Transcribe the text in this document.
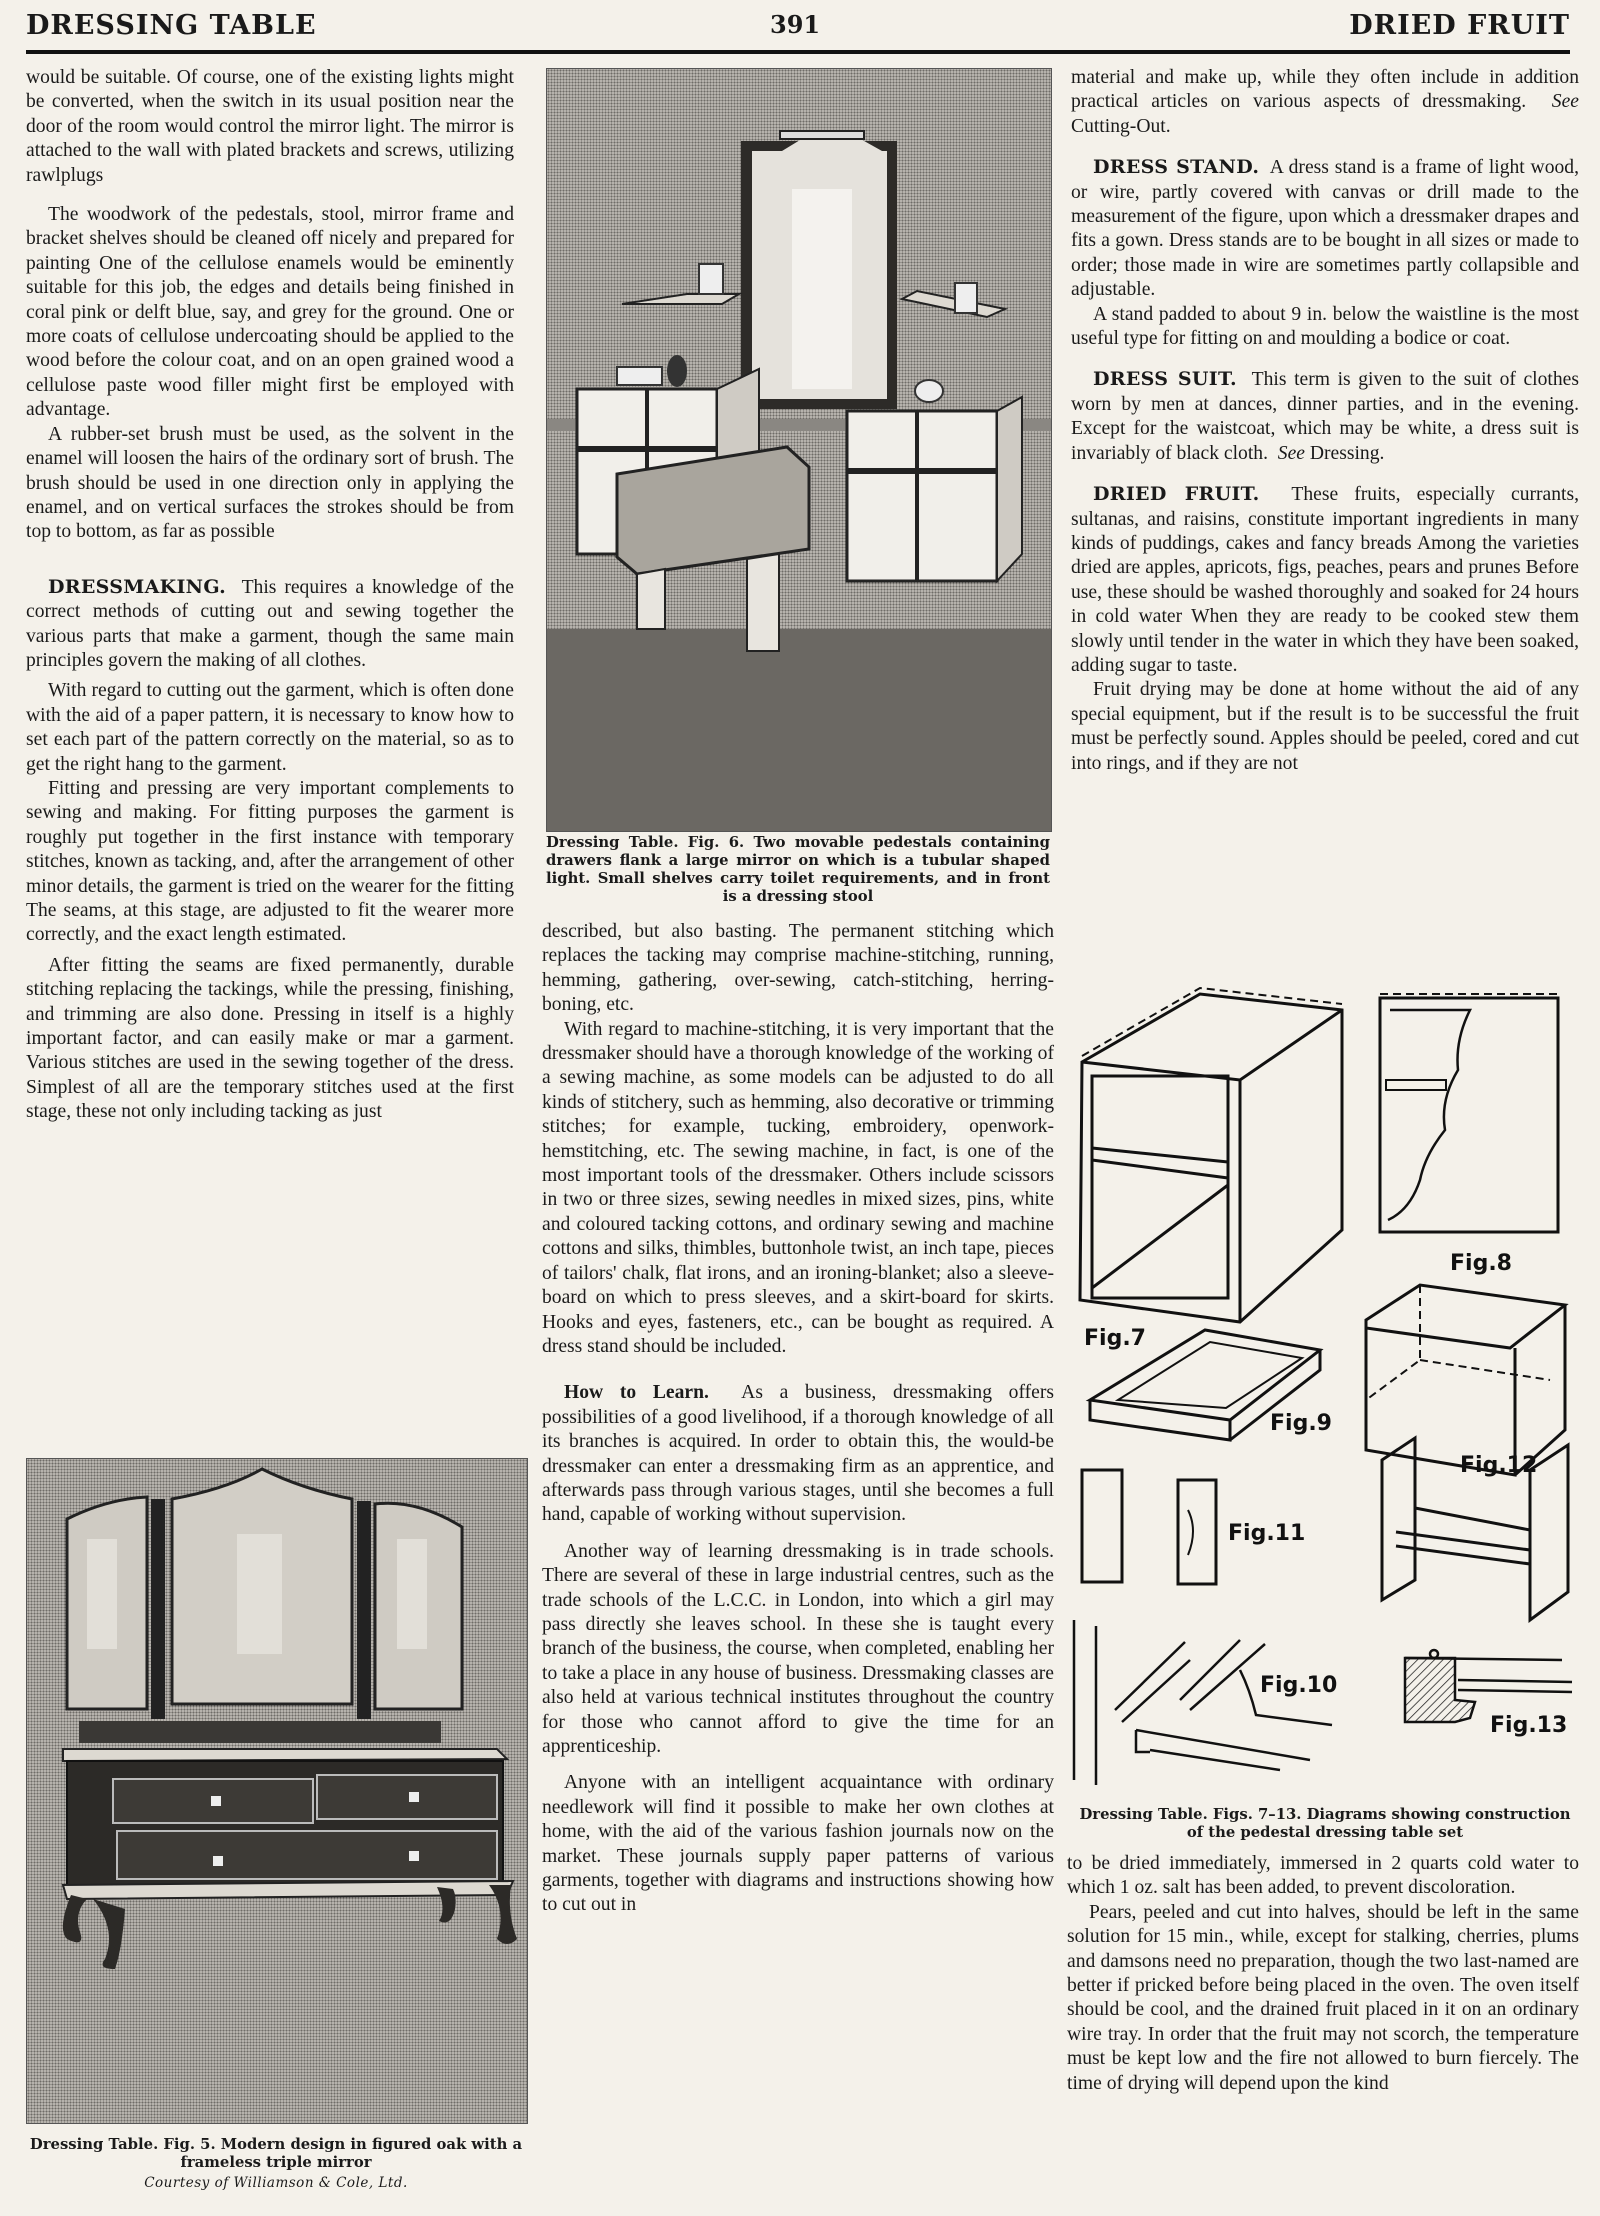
DRESSING TABLE	391	DRIED FRUIT

would be suitable. Of course, one of the existing lights might be converted, when the switch in its usual position near the door of the room would control the mirror light. The mirror is attached to the wall with plated brackets and screws, utilizing rawlplugs

The woodwork of the pedestals, stool, mirror frame and bracket shelves should be cleaned off nicely and prepared for painting One of the cellulose enamels would be eminently suitable for this job, the edges and details being finished in coral pink or delft blue, say, and grey for the ground. One or more coats of cellulose undercoating should be applied to the wood before the colour coat, and on an open grained wood a cellulose paste wood filler might first be employed with advantage.

A rubber-set brush must be used, as the solvent in the enamel will loosen the hairs of the ordinary sort of brush. The brush should be used in one direction only in applying the enamel, and on vertical surfaces the strokes should be from top to bottom, as far as possible

DRESSMAKING. This requires a knowledge of the correct methods of cutting out and sewing together the various parts that make a garment, though the same main principles govern the making of all clothes.

With regard to cutting out the garment, which is often done with the aid of a paper pattern, it is necessary to know how to set each part of the pattern correctly on the material, so as to get the right hang to the garment.

Fitting and pressing are very important complements to sewing and making. For fitting purposes the garment is roughly put together in the first instance with temporary stitches, known as tacking, and, after the arrangement of other minor details, the garment is tried on the wearer for the fitting The seams, at this stage, are adjusted to fit the wearer more correctly, and the exact length estimated.

After fitting the seams are fixed permanently, durable stitching replacing the tackings, while the pressing, finishing, and trimming are also done. Pressing in itself is a highly important factor, and can easily make or mar a garment. Various stitches are used in the sewing together of the dress. Simplest of all are the temporary stitches used at the first stage, these not only including tacking as just

Dressing Table. Fig. 5. Modern design in figured oak with a frameless triple mirror
Courtesy of Williamson & Cole, Ltd.
Dressing Table. Fig. 6. Two movable pedestals containing drawers flank a large mirror on which is a tubular shaped light. Small shelves carry toilet requirements, and in front is a dressing stool

described, but also basting. The permanent stitching which replaces the tacking may comprise machine-stitching, running, hemming, gathering, over-sewing, catch-stitching, herring-boning, etc.

With regard to machine-stitching, it is very important that the dressmaker should have a thorough knowledge of the working of a sewing machine, as some models can be adjusted to do all kinds of stitchery, such as hemming, also decorative or trimming stitches; for example, tucking, embroidery, openwork-hemstitching, etc. The sewing machine, in fact, is one of the most important tools of the dressmaker. Others include scissors in two or three sizes, sewing needles in mixed sizes, pins, white and coloured tacking cottons, and ordinary sewing and machine cottons and silks, thimbles, buttonhole twist, an inch tape, pieces of tailors' chalk, flat irons, and an ironing-blanket; also a sleeve-board on which to press sleeves, and a skirt-board for skirts. Hooks and eyes, fasteners, etc., can be bought as required. A dress stand should be included.

How to Learn. As a business, dressmaking offers possibilities of a good livelihood, if a thorough knowledge of all its branches is acquired. In order to obtain this, the would-be dressmaker can enter a dressmaking firm as an apprentice, and afterwards pass through various stages, until she becomes a full hand, capable of working without supervision.

Another way of learning dressmaking is in trade schools. There are several of these in large industrial centres, such as the trade schools of the L.C.C. in London, into which a girl may pass directly she leaves school. In these she is taught every branch of the business, the course, when completed, enabling her to take a place in any house of business. Dressmaking classes are also held at various technical institutes throughout the country for those who cannot afford to give the time for an apprenticeship.

Anyone with an intelligent acquaintance with ordinary needlework will find it possible to make her own clothes at home, with the aid of the various fashion journals now on the market. These journals supply paper patterns of various garments, together with diagrams and instructions showing how to cut out in

material and make up, while they often include in addition practical articles on various aspects of dressmaking. See Cutting-Out.

DRESS STAND. A dress stand is a frame of light wood, or wire, partly covered with canvas or drill made to the measurement of the figure, upon which a dressmaker drapes and fits a gown. Dress stands are to be bought in all sizes or made to order; those made in wire are sometimes partly collapsible and adjustable.

A stand padded to about 9 in. below the waistline is the most useful type for fitting on and moulding a bodice or coat.

DRESS SUIT. This term is given to the suit of clothes worn by men at dances, dinner parties, and in the evening. Except for the waistcoat, which may be white, a dress suit is invariably of black cloth. See Dressing.

DRIED FRUIT. These fruits, especially currants, sultanas, and raisins, constitute important ingredients in many kinds of puddings, cakes and fancy breads Among the varieties dried are apples, apricots, figs, peaches, pears and prunes Before use, these should be washed thoroughly and soaked for 24 hours in cold water When they are ready to be cooked stew them slowly until tender in the water in which they have been soaked, adding sugar to taste.

Fruit drying may be done at home without the aid of any special equipment, but if the result is to be successful the fruit must be perfectly sound. Apples should be peeled, cored and cut into rings, and if they are not

Fig.7
Fig.8
Fig.9
Fig.11
Fig.12
Fig.10
Fig.13
Dressing Table. Figs. 7–13. Diagrams showing construction of the pedestal dressing table set

to be dried immediately, immersed in 2 quarts cold water to which 1 oz. salt has been added, to prevent discoloration.

Pears, peeled and cut into halves, should be left in the same solution for 15 min., while, except for stalking, cherries, plums and damsons need no preparation, though the two last-named are better if pricked before being placed in the oven. The oven itself should be cool, and the drained fruit placed in it on an ordinary wire tray. In order that the fruit may not scorch, the temperature must be kept low and the fire not allowed to burn fiercely. The time of drying will depend upon the kind
